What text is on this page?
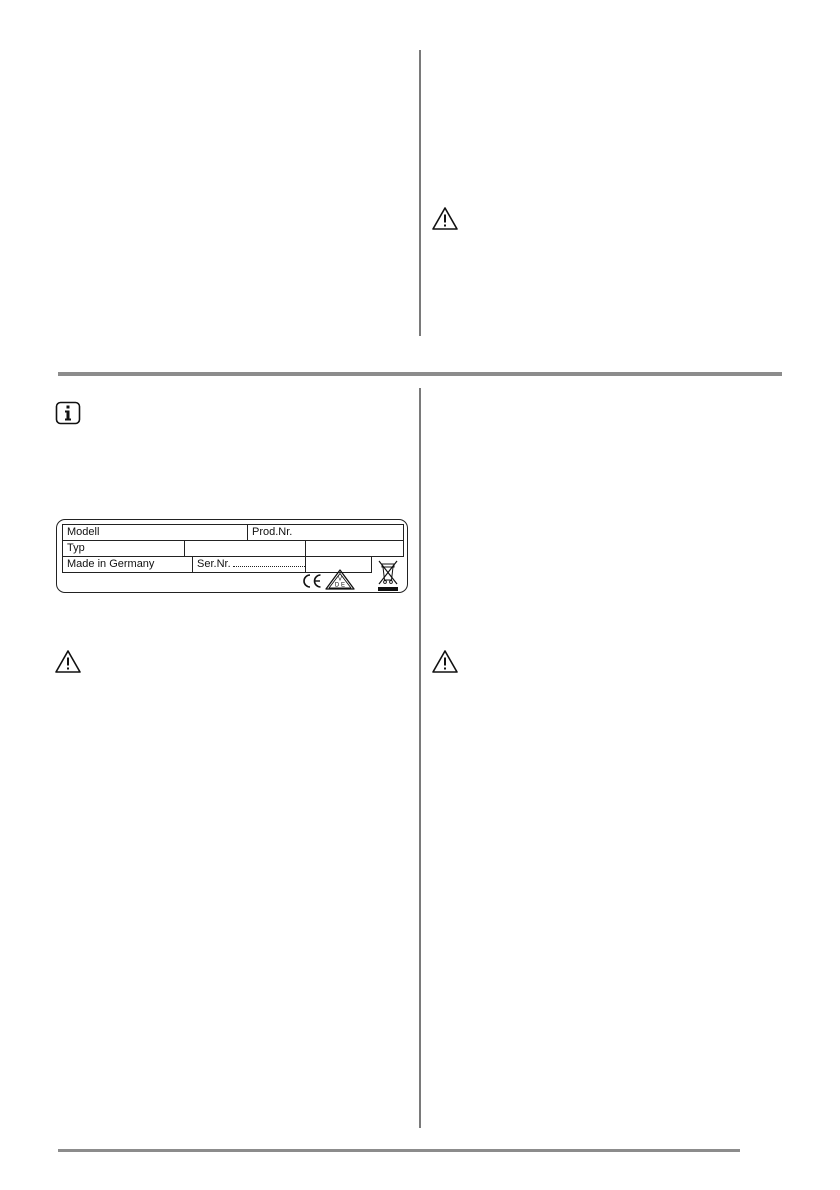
Modell	Prod.Nr.
Typ
Made in Germany	Ser.Nr.
V
D E
